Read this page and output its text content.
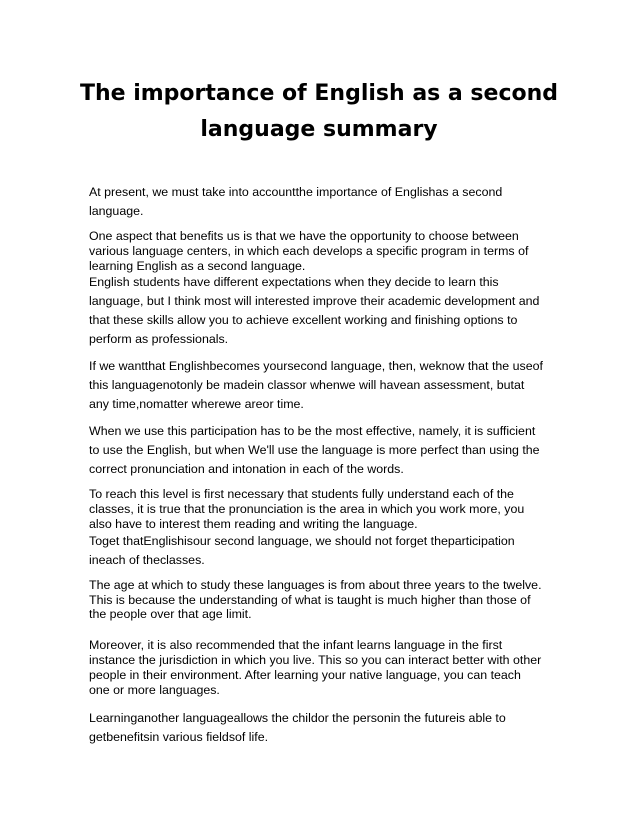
The importance of English as a second
language summary
At present, we must take into accountthe importance of Englishas a second
language.
One aspect that benefits us is that we have the opportunity to choose between
various language centers, in which each develops a specific program in terms of
learning English as a second language.
English students have different expectations when they decide to learn this
language, but I think most will interested improve their academic development and
that these skills allow you to achieve excellent working and finishing options to
perform as professionals.
If we wantthat Englishbecomes yoursecond language, then, weknow that the useof
this languagenotonly be madein classor whenwe will havean assessment, butat
any time,nomatter wherewe areor time.
When we use this participation has to be the most effective, namely, it is sufficient
to use the English, but when We'll use the language is more perfect than using the
correct pronunciation and intonation in each of the words.
To reach this level is first necessary that students fully understand each of the
classes, it is true that the pronunciation is the area in which you work more, you
also have to interest them reading and writing the language.
Toget thatEnglishisour second language, we should not forget theparticipation
ineach of theclasses.
The age at which to study these languages is from about three years to the twelve.
This is because the understanding of what is taught is much higher than those of
the people over that age limit.
Moreover, it is also recommended that the infant learns language in the first
instance the jurisdiction in which you live. This so you can interact better with other
people in their environment. After learning your native language, you can teach
one or more languages.
Learninganother languageallows the childor the personin the futureis able to
getbenefitsin various fieldsof life.
